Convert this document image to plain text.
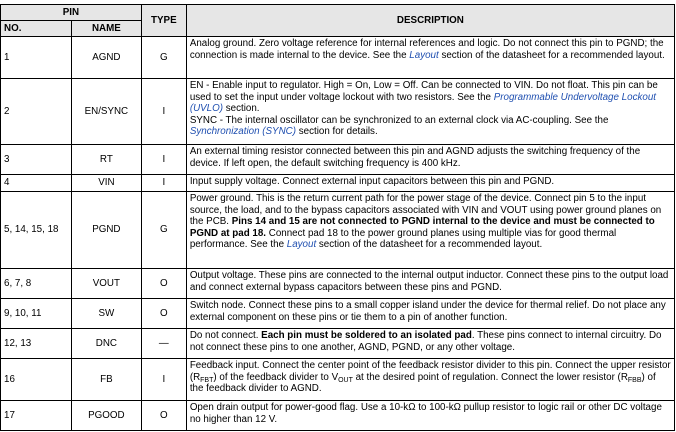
PIN		TYPE	DESCRIPTION
NO.	NAME		
1	AGND	G	Analog ground. Zero voltage reference for internal references and logic. Do not connect this pin to PGND; the connection is made internal to the device. See the Layout section of the datasheet for a recommended layout.
2	EN/SYNC	I	EN - Enable input to regulator. High = On, Low = Off. Can be connected to VIN. Do not float. This pin can be used to set the input under voltage lockout with two resistors. See the Programmable Undervoltage Lockout (UVLO) section.
SYNC - The internal oscillator can be synchronized to an external clock via AC-coupling. See the Synchronization (SYNC) section for details.
3	RT	I	An external timing resistor connected between this pin and AGND adjusts the switching frequency of the device. If left open, the default switching frequency is 400 kHz.
4	VIN	I	Input supply voltage. Connect external input capacitors between this pin and PGND.
5, 14, 15, 18	PGND	G	Power ground. This is the return current path for the power stage of the device. Connect pin 5 to the input source, the load, and to the bypass capacitors associated with VIN and VOUT using power ground planes on the PCB. Pins 14 and 15 are not connected to PGND internal to the device and must be connected to PGND at pad 18. Connect pad 18 to the power ground planes using multiple vias for good thermal performance. See the Layout section of the datasheet for a recommended layout.
6, 7, 8	VOUT	O	Output voltage. These pins are connected to the internal output inductor. Connect these pins to the output load and connect external bypass capacitors between these pins and PGND.
9, 10, 11	SW	O	Switch node. Connect these pins to a small copper island under the device for thermal relief. Do not place any external component on these pins or tie them to a pin of another function.
12, 13	DNC	—	Do not connect. Each pin must be soldered to an isolated pad. These pins connect to internal circuitry. Do not connect these pins to one another, AGND, PGND, or any other voltage.
16	FB	I	Feedback input. Connect the center point of the feedback resistor divider to this pin. Connect the upper resistor $(R_{FBT})$ of the feedback divider to $V_{OUT}$ at the desired point of regulation. Connect the lower resistor $(R_{FBB})$ of the feedback divider to AGND.
17	PGOOD	O	Open drain output for power-good flag. Use a 10-kΩ to 100-kΩ pullup resistor to logic rail or other DC voltage no higher than 12 V.
